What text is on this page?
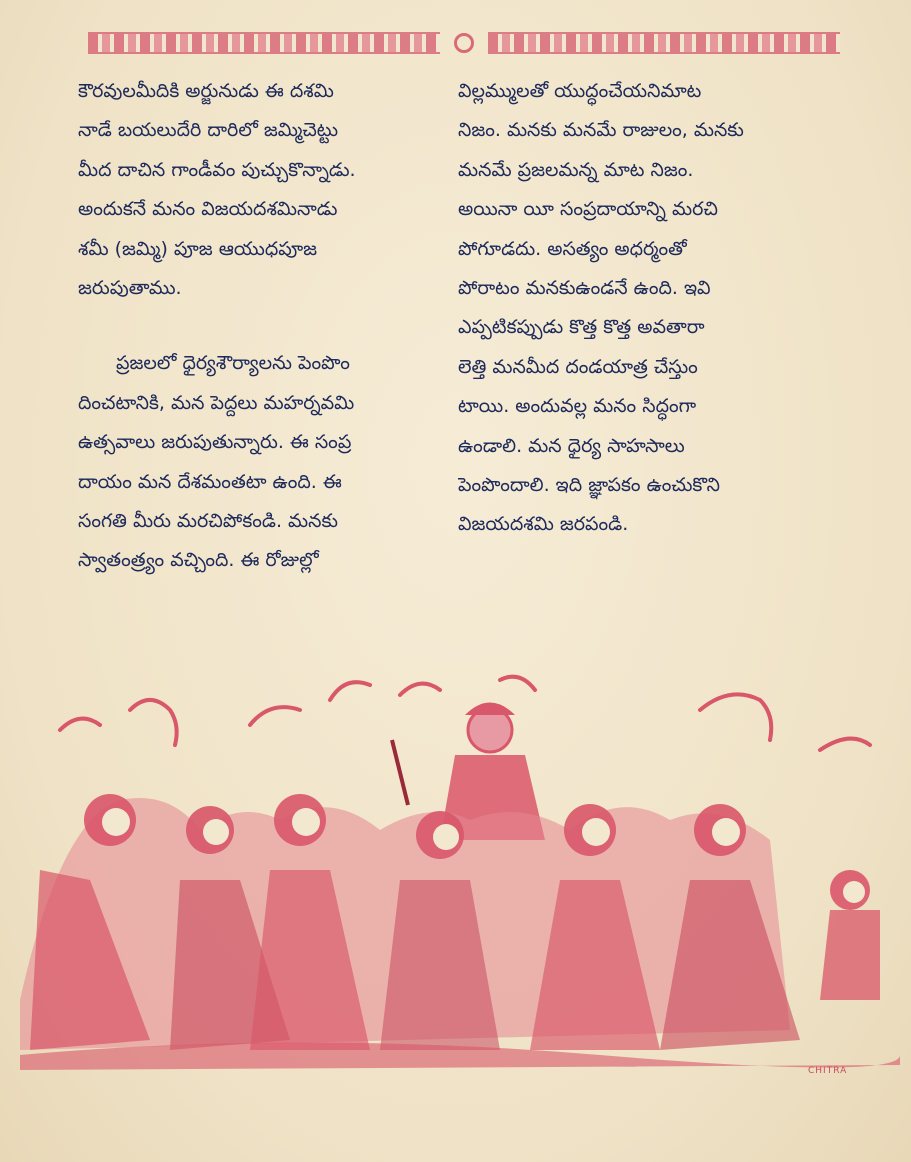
కౌరవులమీదికి అర్జునుడు ఈ దశమి
నాడే బయలుదేరి దారిలో జమ్మిచెట్టు
మీద దాచిన గాండీవం పుచ్చుకొన్నాడు.
అందుకనే మనం విజయదశమినాడు
శమీ (జమ్మి) పూజ ఆయుధపూజ
జరుపుతాము.
ప్రజలలో ధైర్యశౌర్యాలను పెంపొం
దించటానికి, మన పెద్దలు మహర్నవమి
ఉత్సవాలు జరుపుతున్నారు. ఈ సంప్ర
దాయం మన దేశమంతటా ఉంది. ఈ
సంగతి మీరు మరచిపోకండి. మనకు
స్వాతంత్ర్యం వచ్చింది. ఈ రోజుల్లో
విల్లమ్ములతో యుద్ధంచేయనిమాట
నిజం. మనకు మనమే రాజులం, మనకు
మనమే ప్రజలమన్న మాట నిజం.
అయినా యీ సంప్రదాయాన్ని మరచి
పోగూడదు. అసత్యం అధర్మంతో
పోరాటం మనకుఉండనే ఉంది. ఇవి
ఎప్పటికప్పుడు కొత్త కొత్త అవతారా
లెత్తి మనమీద దండయాత్ర చేస్తుం
టాయి. అందువల్ల మనం సిద్ధంగా
ఉండాలి. మన ధైర్య సాహసాలు
పెంపొందాలి. ఇది జ్ఞాపకం ఉంచుకొని
విజయదశమి జరపండి.
CHITRA
